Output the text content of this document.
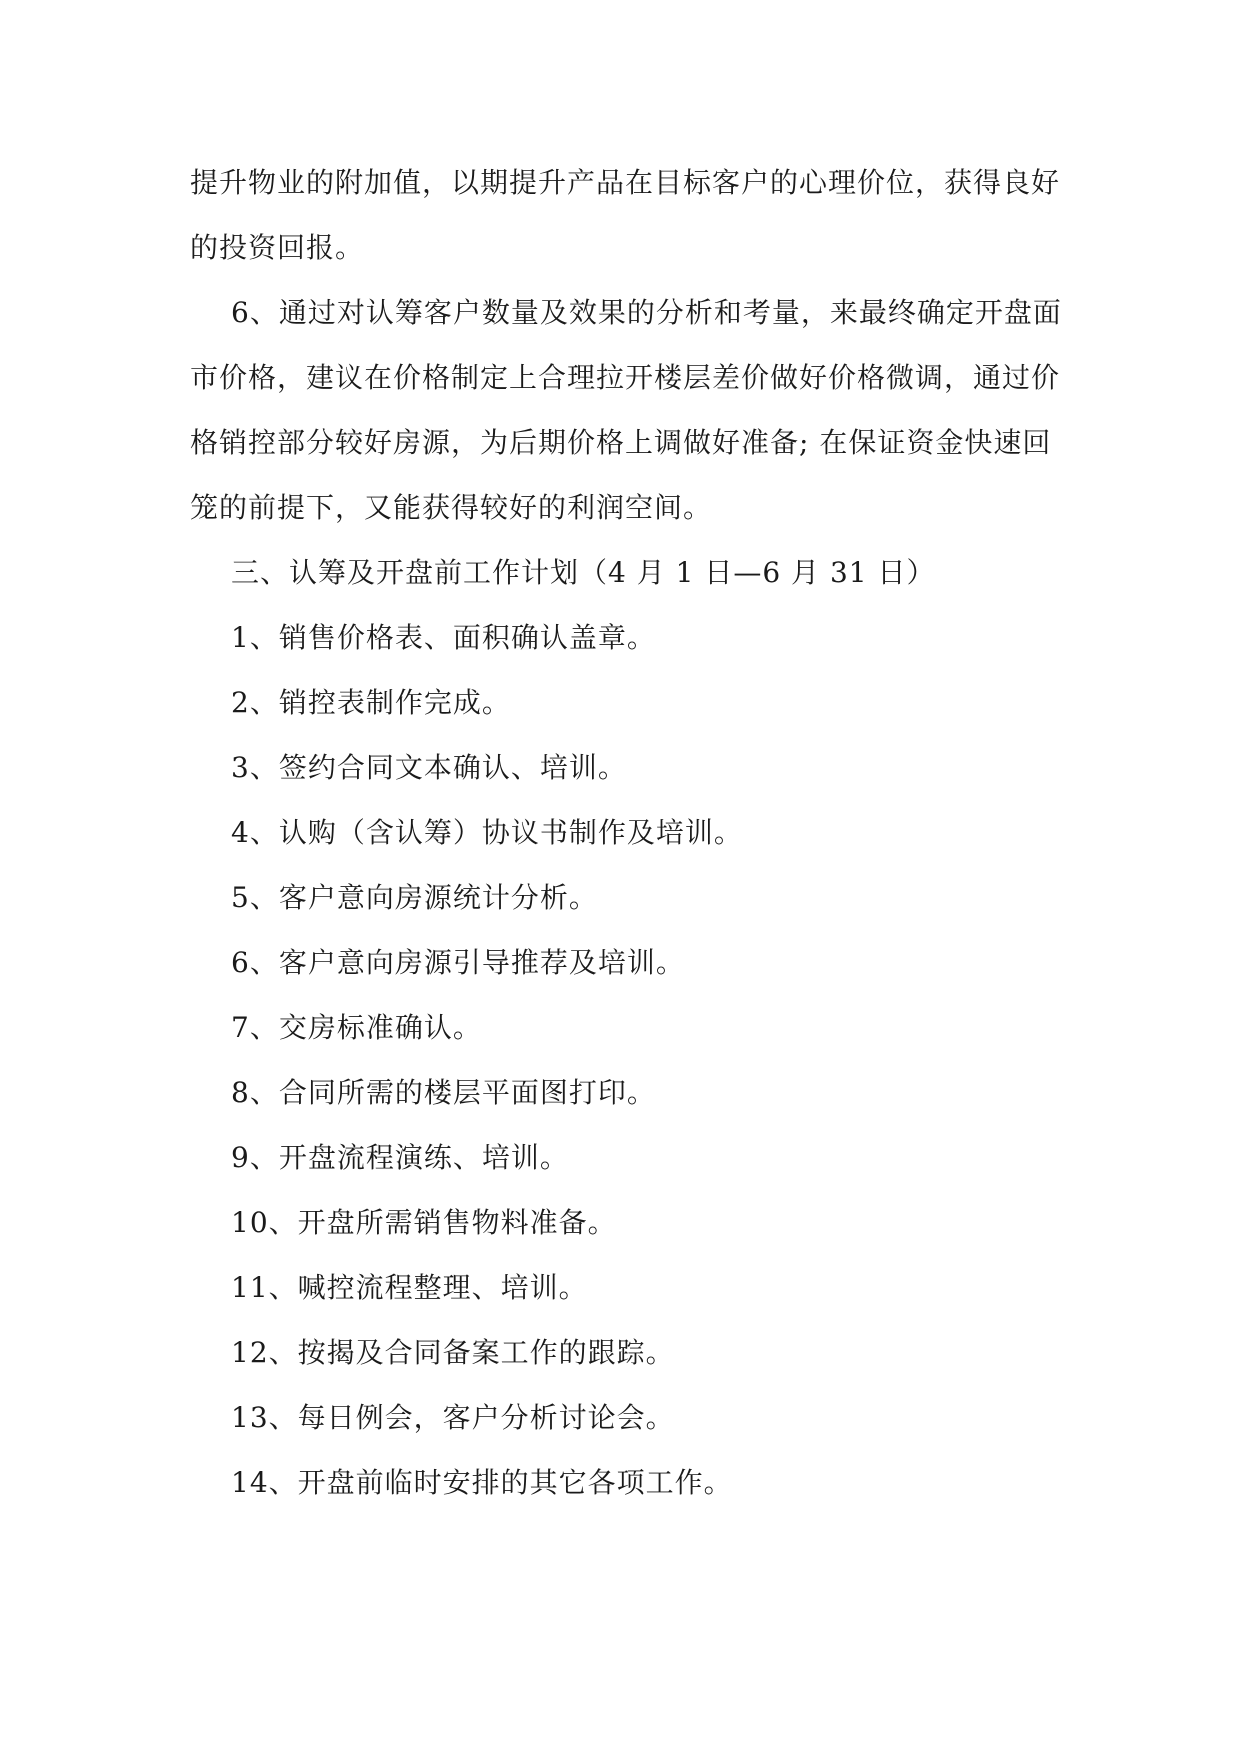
提升物业的附加值，以期提升产品在目标客户的心理价位，获得良好
的投资回报。
6、通过对认筹客户数量及效果的分析和考量，来最终确定开盘面
市价格，建议在价格制定上合理拉开楼层差价做好价格微调，通过价
格销控部分较好房源，为后期价格上调做好准备; 在保证资金快速回
笼的前提下，又能获得较好的利润空间。
三、认筹及开盘前工作计划（4 月 1 日—6 月 31 日）
1、销售价格表、面积确认盖章。
2、销控表制作完成。
3、签约合同文本确认、培训。
4、认购（含认筹）协议书制作及培训。
5、客户意向房源统计分析。
6、客户意向房源引导推荐及培训。
7、交房标准确认。
8、合同所需的楼层平面图打印。
9、开盘流程演练、培训。
10、开盘所需销售物料准备。
11、喊控流程整理、培训。
12、按揭及合同备案工作的跟踪。
13、每日例会，客户分析讨论会。
14、开盘前临时安排的其它各项工作。
